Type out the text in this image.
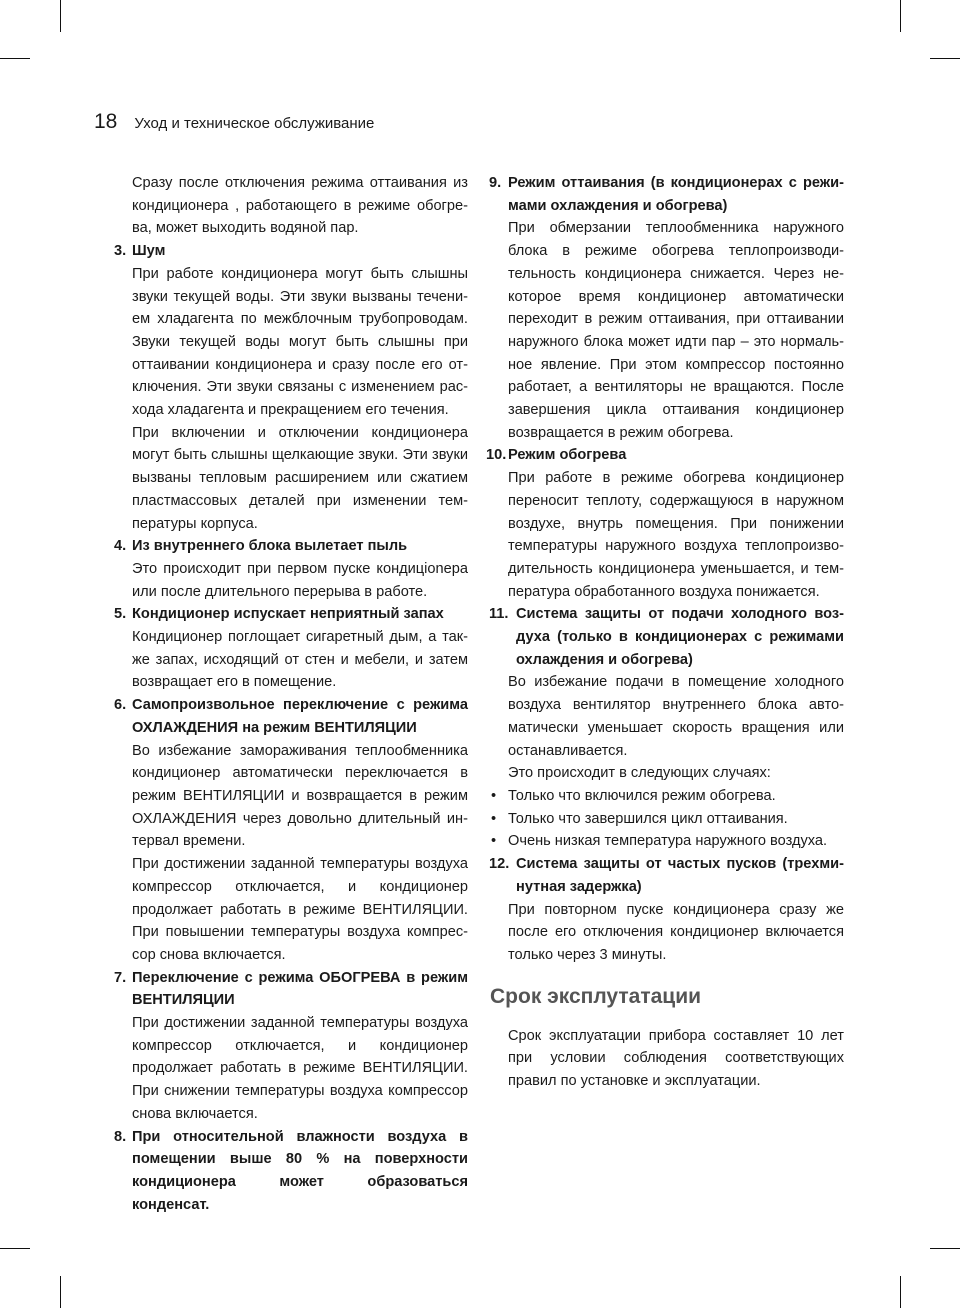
18 Уход и техническое обслуживание

Сразу после отключения режима оттаивания из кондиционера , работающего в режиме обогрева, может выходить водяной пар.

3. Шум

При работе кондиционера могут быть слышны звуки текущей воды. Эти звуки вызваны течением хладагента по межблочным трубопроводам. Звуки текущей воды могут быть слышны при оттаивании кондиционера и сразу после его отключения. Эти звуки связаны с изменением расхода хладагента и прекращением его течения.

При включении и отключении кондиционера могут быть слышны щелкающие звуки. Эти звуки вызваны тепловым расширением или сжатием пластмассовых деталей при изменении температуры корпуса.

4. Из внутреннего блока вылетает пыль

Это происходит при первом пуске кондицioneра или после длительного перерыва в работе.

5. Кондиционер испускает неприятный запах

Кондиционер поглощает сигаретный дым, а также запах, исходящий от стен и мебели, и затем возвращает его в помещение.

6. Самопроизвольное переключение с режима ОХЛАЖДЕНИЯ на режим ВЕНТИЛЯЦИИ

Во избежание замораживания теплообменника кондиционер автоматически переключается в режим ВЕНТИЛЯЦИИ и возвращается в режим ОХЛАЖДЕНИЯ через довольно длительный интервал времени.

При достижении заданной температуры воздуха компрессор отключается, и кондиционер продолжает работать в режиме ВЕНТИЛЯЦИИ. При повышении температуры воздуха компрессор снова включается.

7. Переключение с режима ОБОГРЕВА в режим ВЕНТИЛЯЦИИ

При достижении заданной температуры воздуха компрессор отключается, и кондиционер продолжает работать в режиме ВЕНТИЛЯЦИИ. При снижении температуры воздуха компрессор снова включается.

8. При относительной влажности воздуха в помещении выше 80 % на поверхности кондиционера может образоваться конденсат.

9. Режим оттаивания (в кондиционерах с режимами охлаждения и обогрева)

При обмерзании теплообменника наружного блока в режиме обогрева теплопроизводительность кондиционера снижается. Через некоторое время кондиционер автоматически переходит в режим оттаивания, при оттаивании наружного блока может идти пар – это нормальное явление. При этом компрессор постоянно работает, а вентиляторы не вращаются. После завершения цикла оттаивания кондиционер возвращается в режим обогрева.

10. Режим обогрева

При работе в режиме обогрева кондиционер переносит теплоту, содержащуюся в наружном воздухе, внутрь помещения. При понижении температуры наружного воздуха теплопроизводительность кондиционера уменьшается, и температура обработанного воздуха понижается.

11. Система защиты от подачи холодного воздуха (только в кондиционерах с режимами охлаждения и обогрева)

Во избежание подачи в помещение холодного воздуха вентилятор внутреннего блока автоматически уменьшает скорость вращения или останавливается.

Это происходит в следующих случаях:

• Только что включился режим обогрева.
• Только что завершился цикл оттаивания.
• Очень низкая температура наружного воздуха.

12. Система защиты от частых пусков (трехминутная задержка)

При повторном пуске кондиционера сразу же после его отключения кондиционер включается только через 3 минуты.

Срок эксплутатации

Срок эксплуатации прибора составляет 10 лет при условии соблюдения соответствующих правил по установке и эксплуатации.
